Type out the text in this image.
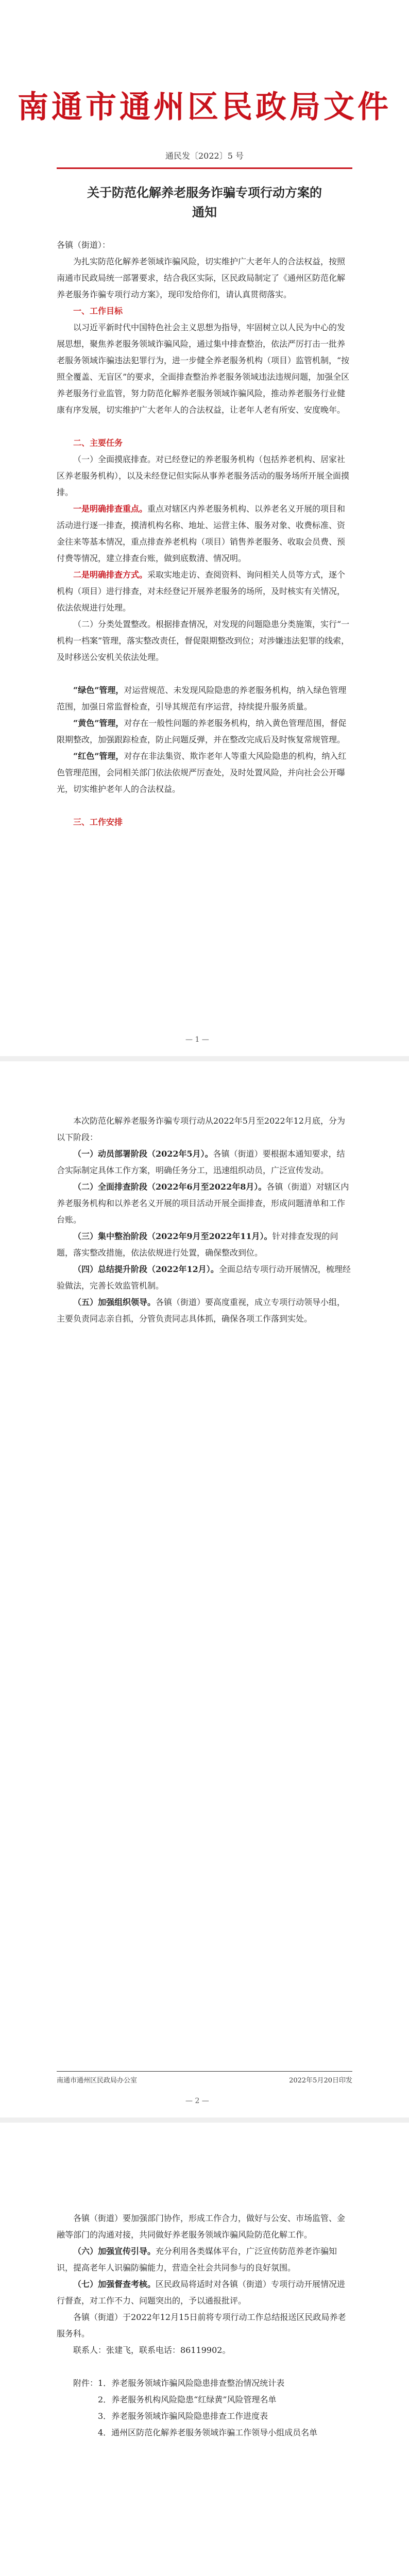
南通市通州区民政局文件
通民发〔2022〕5 号
关于防范化解养老服务诈骗专项行动方案的
通知

各镇（街道）：

为扎实防范化解养老领域诈骗风险，切实维护广大老年人的合法权益，按照南通市民政局统一部署要求，结合我区实际，区民政局制定了《通州区防范化解养老服务诈骗专项行动方案》，现印发给你们，请认真贯彻落实。

一、工作目标

以习近平新时代中国特色社会主义思想为指导，牢固树立以人民为中心的发展思想，聚焦养老服务领域诈骗风险，通过集中排查整治，依法严厉打击一批养老服务领域诈骗违法犯罪行为，进一步健全养老服务机构（项目）监管机制，“按照全覆盖、无盲区”的要求，全面排查整治养老服务领域违法违规问题，加强全区养老服务行业监管，努力防范化解养老服务领域诈骗风险，推动养老服务行业健康有序发展，切实维护广大老年人的合法权益，让老年人老有所安、安度晚年。

二、主要任务

（一）全面摸底排查。对已经登记的养老服务机构（包括养老机构、居家社区养老服务机构），以及未经登记但实际从事养老服务活动的服务场所开展全面摸排。

一是明确排查重点。重点对辖区内养老服务机构、以养老名义开展的项目和活动进行逐一排查，摸清机构名称、地址、运营主体、服务对象、收费标准、资金往来等基本情况，重点排查养老机构（项目）销售养老服务、收取会员费、预付费等情况，建立排查台账，做到底数清、情况明。

二是明确排查方式。采取实地走访、查阅资料、询问相关人员等方式，逐个机构（项目）进行排查，对未经登记开展养老服务的场所，及时核实有关情况，依法依规进行处理。

（二）分类处置整改。根据排查情况，对发现的问题隐患分类施策，实行“一机构一档案”管理，落实整改责任，督促限期整改到位；对涉嫌违法犯罪的线索，及时移送公安机关依法处理。

“绿色”管理，对运营规范、未发现风险隐患的养老服务机构，纳入绿色管理范围，加强日常监督检查，引导其规范有序运营，持续提升服务质量。

“黄色”管理，对存在一般性问题的养老服务机构，纳入黄色管理范围，督促限期整改，加强跟踪检查，防止问题反弹，并在整改完成后及时恢复常规管理。

“红色”管理，对存在非法集资、欺诈老年人等重大风险隐患的机构，纳入红色管理范围，会同相关部门依法依规严厉查处，及时处置风险，并向社会公开曝光，切实维护老年人的合法权益。

三、工作安排

— 1 —

本次防范化解养老服务诈骗专项行动从2022年5月至2022年12月底，分为以下阶段：

（一）动员部署阶段（2022年5月）。各镇（街道）要根据本通知要求，结合实际制定具体工作方案，明确任务分工，迅速组织动员，广泛宣传发动。

（二）全面排查阶段（2022年6月至2022年8月）。各镇（街道）对辖区内养老服务机构和以养老名义开展的项目活动开展全面排查，形成问题清单和工作台账。

（三）集中整治阶段（2022年9月至2022年11月）。针对排查发现的问题，落实整改措施，依法依规进行处置，确保整改到位。

（四）总结提升阶段（2022年12月）。全面总结专项行动开展情况，梳理经验做法，完善长效监管机制。

（五）加强组织领导。各镇（街道）要高度重视，成立专项行动领导小组，主要负责同志亲自抓，分管负责同志具体抓，确保各项工作落到实处。

南通市通州区民政局办公室	2022年5月20日印发
— 2 —

各镇（街道）要加强部门协作，形成工作合力，做好与公安、市场监管、金融等部门的沟通对接，共同做好养老服务领域诈骗风险防范化解工作。

（六）加强宣传引导。充分利用各类媒体平台，广泛宣传防范养老诈骗知识，提高老年人识骗防骗能力，营造全社会共同参与的良好氛围。

（七）加强督查考核。区民政局将适时对各镇（街道）专项行动开展情况进行督查，对工作不力、问题突出的，予以通报批评。

各镇（街道）于2022年12月15日前将专项行动工作总结报送区民政局养老服务科。

联系人：张建飞，联系电话：86119902。

附件：1．养老服务领域诈骗风险隐患排查整治情况统计表

2．养老服务机构风险隐患“红绿黄”风险管理名单

3．养老服务领域诈骗风险隐患排查工作进度表

4．通州区防范化解养老服务领域诈骗工作领导小组成员名单
